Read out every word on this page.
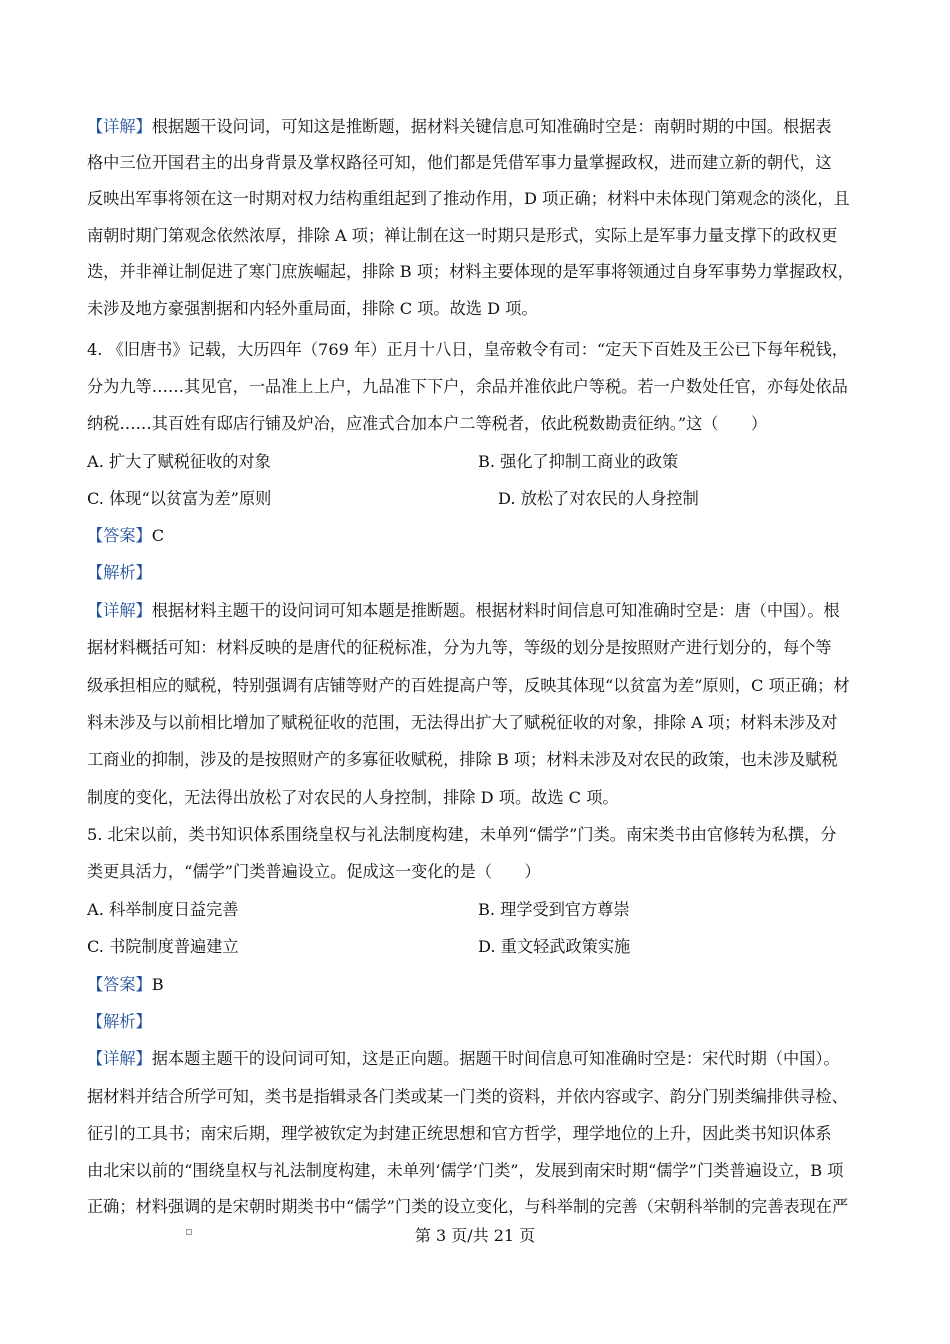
【详解】根据题干设问词，可知这是推断题，据材料关键信息可知准确时空是：南朝时期的中国。根据表
格中三位开国君主的出身背景及掌权路径可知，他们都是凭借军事力量掌握政权，进而建立新的朝代，这
反映出军事将领在这一时期对权力结构重组起到了推动作用，D 项正确；材料中未体现门第观念的淡化，且
南朝时期门第观念依然浓厚，排除 A 项；禅让制在这一时期只是形式，实际上是军事力量支撑下的政权更
迭，并非禅让制促进了寒门庶族崛起，排除 B 项；材料主要体现的是军事将领通过自身军事势力掌握政权，
未涉及地方豪强割据和内轻外重局面，排除 C 项。故选 D 项。
4. 《旧唐书》记载，大历四年（769 年）正月十八日，皇帝敕令有司：“定天下百姓及王公已下每年税钱，
分为九等……其见官，一品准上上户，九品准下下户，余品并准依此户等税。若一户数处任官，亦每处依品
纳税……其百姓有邸店行铺及炉冶，应准式合加本户二等税者，依此税数勘责征纳。”这（　　）
A. 扩大了赋税征收的对象	B. 强化了抑制工商业的政策
C. 体现“以贫富为差”原则	D. 放松了对农民的人身控制
【答案】C
【解析】
【详解】根据材料主题干的设问词可知本题是推断题。根据材料时间信息可知准确时空是：唐（中国）。根
据材料概括可知：材料反映的是唐代的征税标准，分为九等，等级的划分是按照财产进行划分的，每个等
级承担相应的赋税，特别强调有店铺等财产的百姓提高户等，反映其体现“以贫富为差”原则，C 项正确；材
料未涉及与以前相比增加了赋税征收的范围，无法得出扩大了赋税征收的对象，排除 A 项；材料未涉及对
工商业的抑制，涉及的是按照财产的多寡征收赋税，排除 B 项；材料未涉及对农民的政策，也未涉及赋税
制度的变化，无法得出放松了对农民的人身控制，排除 D 项。故选 C 项。
5. 北宋以前，类书知识体系围绕皇权与礼法制度构建，未单列“儒学”门类。南宋类书由官修转为私撰，分
类更具活力，“儒学”门类普遍设立。促成这一变化的是（　　）
A. 科举制度日益完善	B. 理学受到官方尊崇
C. 书院制度普遍建立	D. 重文轻武政策实施
【答案】B
【解析】
【详解】据本题主题干的设问词可知，这是正向题。据题干时间信息可知准确时空是：宋代时期（中国）。
据材料并结合所学可知，类书是指辑录各门类或某一门类的资料，并依内容或字、韵分门别类编排供寻检、
征引的工具书；南宋后期，理学被钦定为封建正统思想和官方哲学，理学地位的上升，因此类书知识体系
由北宋以前的“围绕皇权与礼法制度构建，未单列‘儒学’门类”，发展到南宋时期“儒学”门类普遍设立，B 项
正确；材料强调的是宋朝时期类书中“儒学”门类的设立变化，与科举制的完善（宋朝科举制的完善表现在严
第 3 页/共 21 页
